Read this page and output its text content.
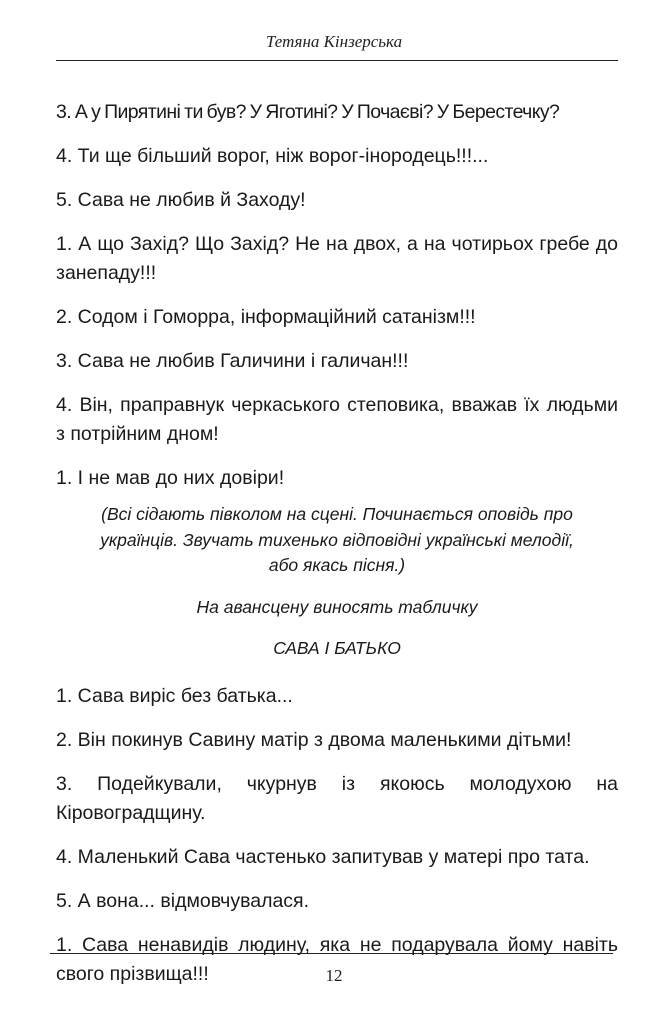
Тетяна Кінзерська

3. А у Пирятині ти був? У Яготині? У Почаєві? У Берестечку?

4. Ти ще більший ворог, ніж ворог-інородець!!!...

5. Сава не любив й Заходу!

1. А що Захід? Що Захід? Не на двох, а на чотирьох гребе до занепаду!!!

2. Содом і Гоморра, інформаційний сатанізм!!!

3. Сава не любив Галичини і галичан!!!

4. Він, праправнук черкаського степовика, вважав їх людьми з потрійним дном!

1. І не мав до них довіри!

(Всі сідають півколом на сцені. Починається оповідь про українців. Звучать тихенько відповідні українські мелодії, або якась пісня.)

На авансцену виносять табличку

САВА І БАТЬКО

1. Сава виріс без батька...

2. Він покинув Савину матір з двома маленькими дітьми!

3. Подейкували, чкурнув із якоюсь молодухою на Кіровоградщину.

4. Маленький Сава частенько запитував у матері про тата.

5. А вона... відмовчувалася.

1. Сава ненавидів людину, яка не подарувала йому навіть свого прізвища!!!	12
